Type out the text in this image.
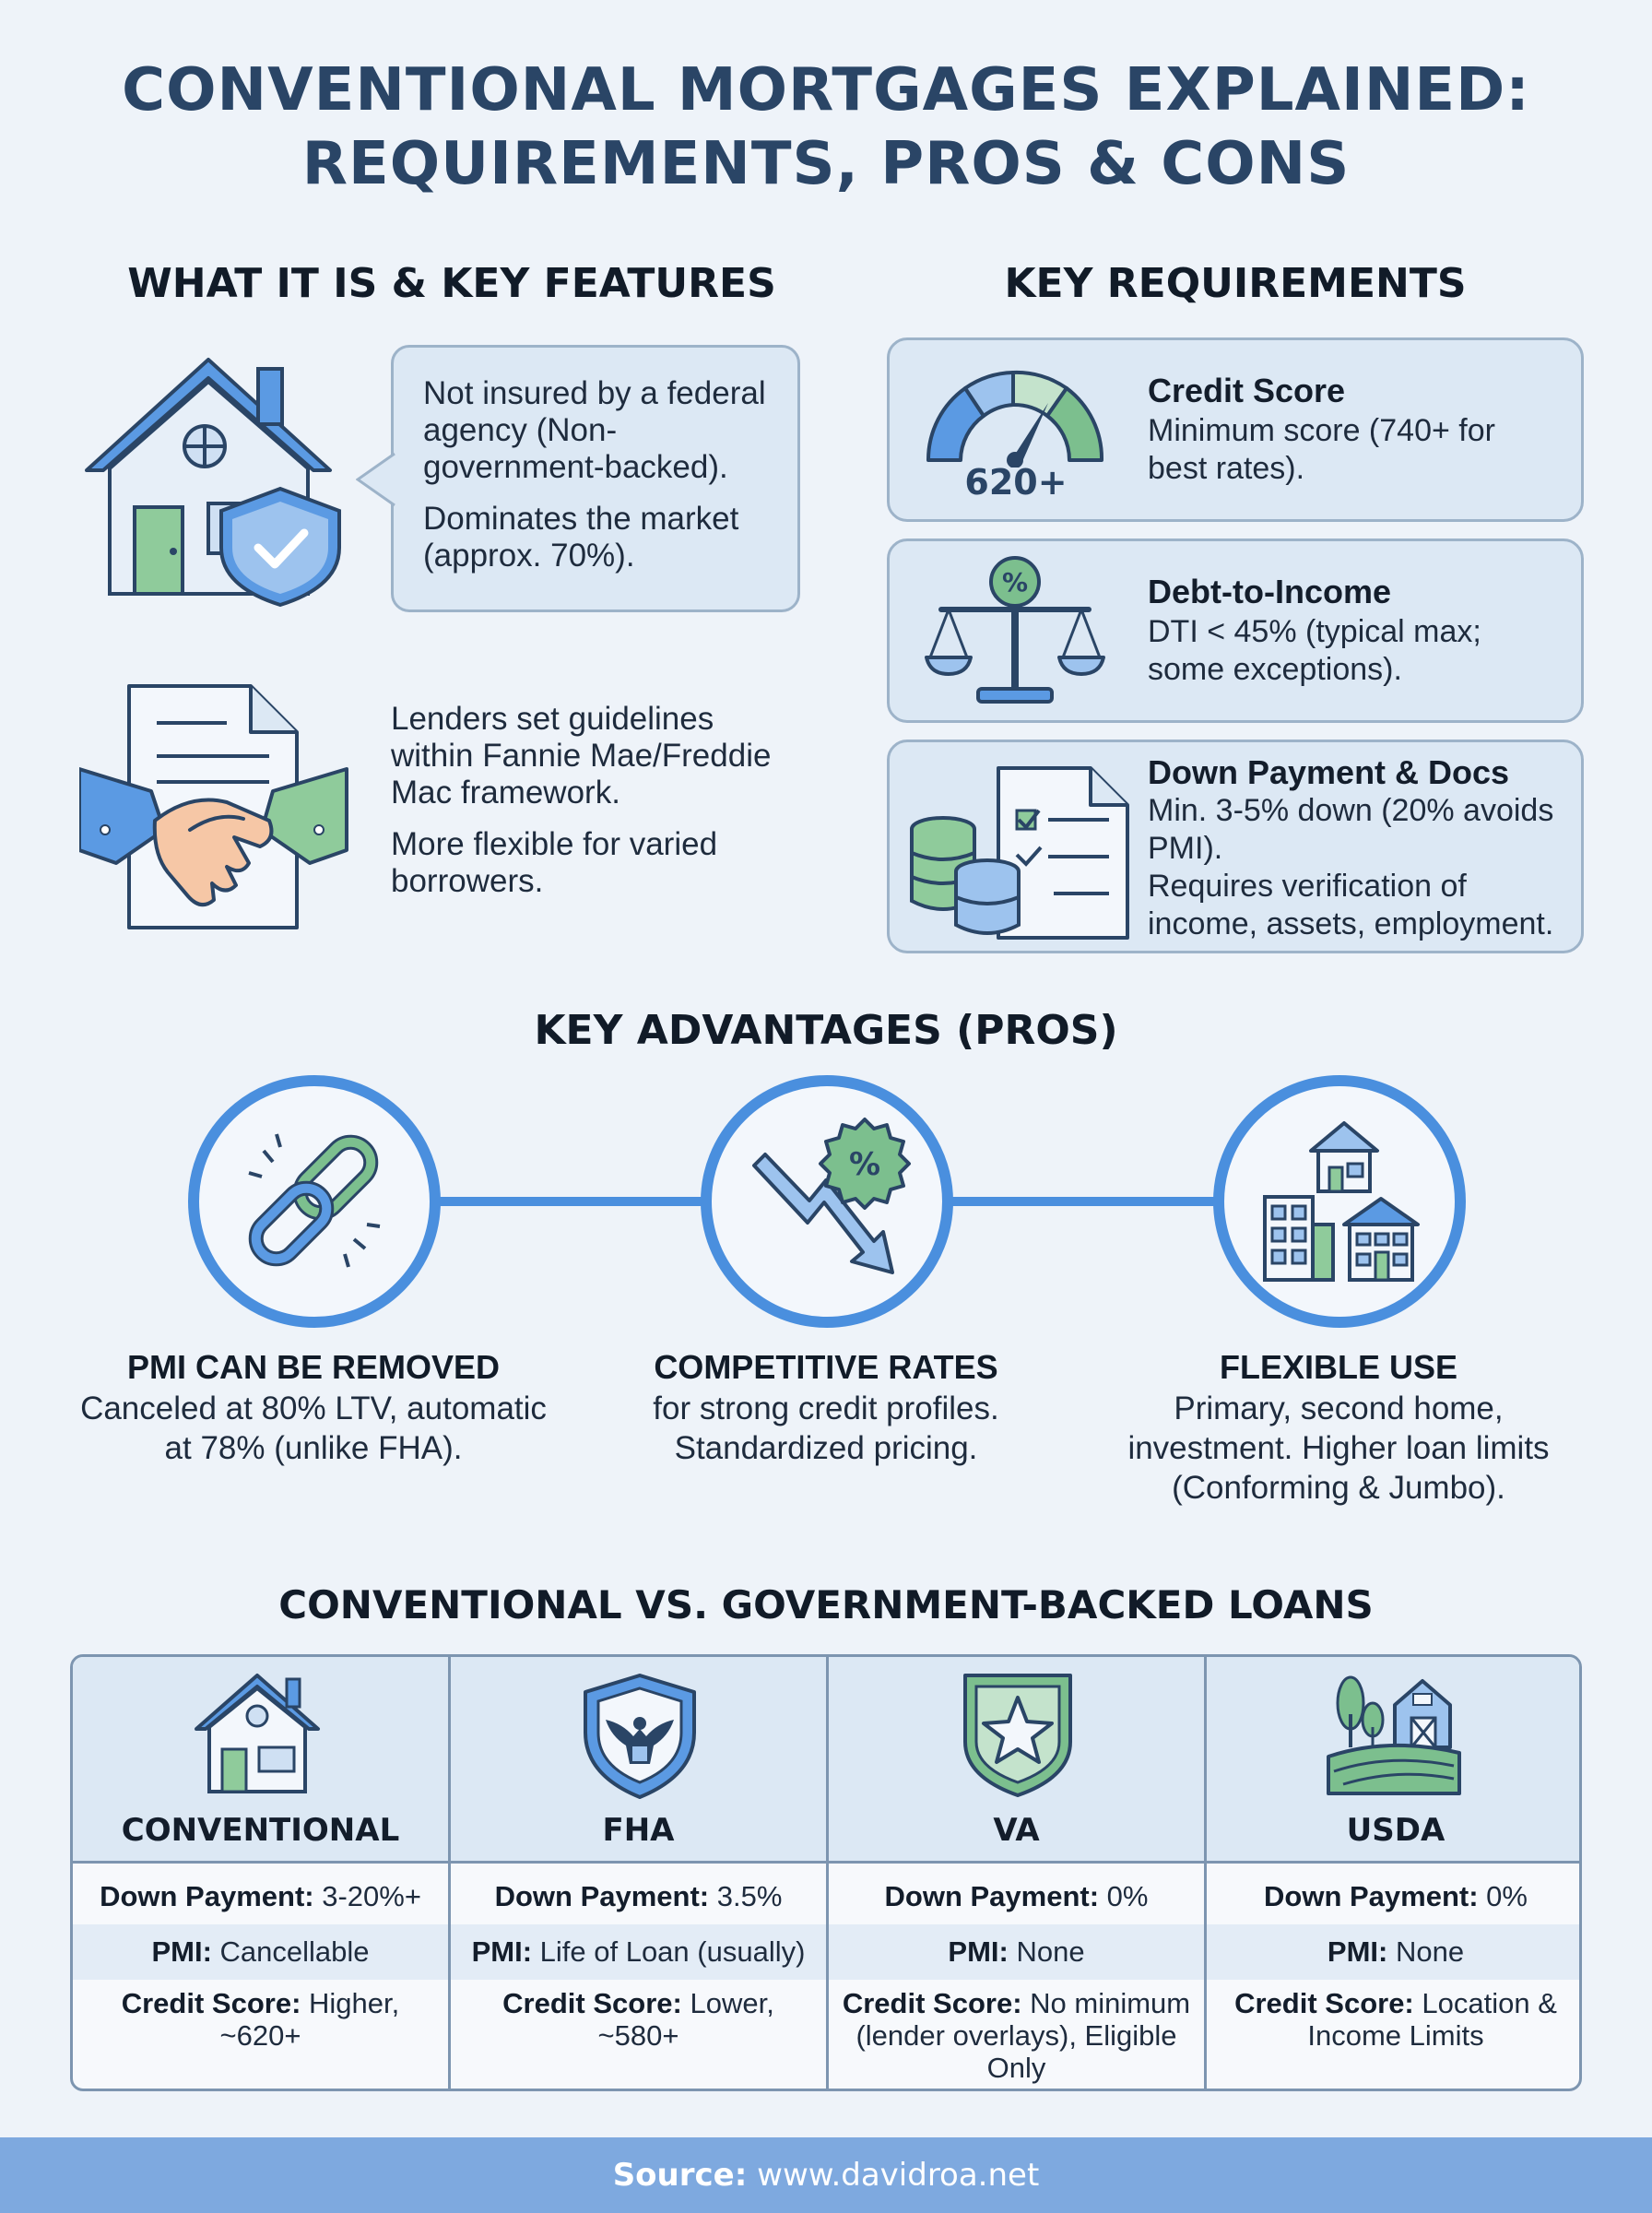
CONVENTIONAL MORTGAGES EXPLAINED:
REQUIREMENTS, PROS & CONS
WHAT IT IS & KEY FEATURES

Not insured by a federal agency (Non-government-backed).

Dominates the market (approx. 70%).

Lenders set guidelines within Fannie Mae/Freddie Mac framework.

More flexible for varied borrowers.

KEY REQUIREMENTS
620+
Credit Score
Minimum score (740+ for best rates).
%	Debt-to-Income
DTI < 45% (typical max; some exceptions).
Down Payment & Docs
Min. 3-5% down (20% avoids PMI).
Requires verification of income, assets, employment.
KEY ADVANTAGES (PROS)
%
PMI CAN BE REMOVED
Canceled at 80% LTV, automatic at 78% (unlike FHA).
COMPETITIVE RATES
for strong credit profiles. Standardized pricing.
FLEXIBLE USE
Primary, second home, investment. Higher loan limits (Conforming & Jumbo).
CONVENTIONAL VS. GOVERNMENT-BACKED LOANS
CONVENTIONAL
Down Payment: 3-20%+
PMI: Cancellable
Credit Score: Higher, ~620+
FHA
Down Payment: 3.5%
PMI: Life of Loan (usually)
Credit Score: Lower, ~580+
VA
Down Payment: 0%
PMI: None
Credit Score: No minimum (lender overlays), Eligible Only
USDA
Down Payment: 0%
PMI: None
Credit Score: Location & Income Limits
Source: www.davidroa.net
